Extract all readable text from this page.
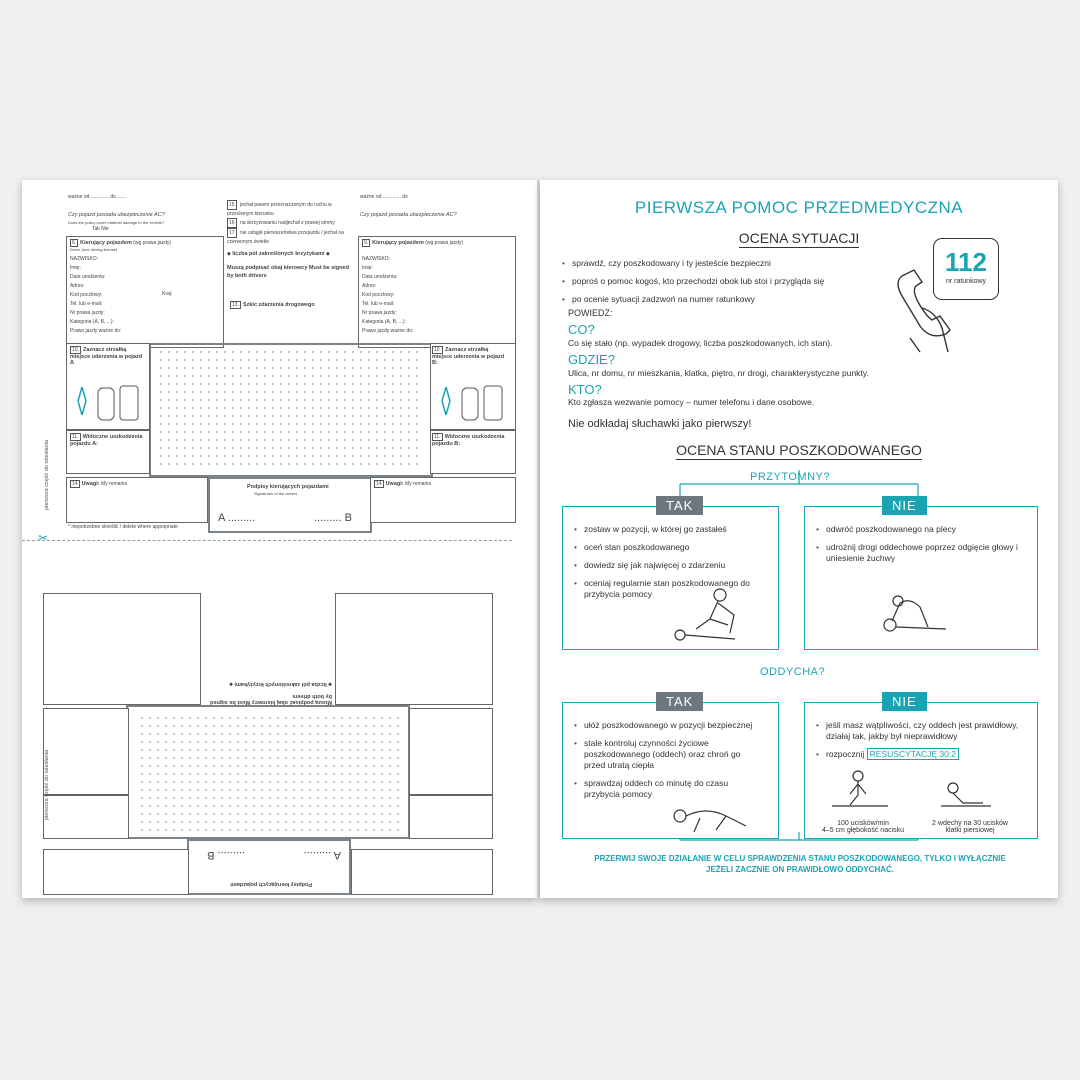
ważne od ............. do .......
Czy pojazd posiada ubezpieczenie AC?
Does the policy cover material damage to the vehicle?
Tak Nie
6. Kierujący pojazdem (wg prawa jazdy)
Driver (see driving license)
NAZWISKO:
Imię:
Data urodzenia:
Adres:
Kod pocztowy:
Tel. lub e-mail:
Nr prawa jazdy:
Kategoria (A, B, ...):
Prawo jazdy ważne do:
Kraj:
15 jechał pasem przeznaczonym do ruchu w przeciwnym kierunku
16 na skrzyżowaniu nadjechał z prawej strony
17 nie ustąpił pierwszeństwa przejazdu / jechał na czerwonym świetle
◆ liczba pól zakreślonych krzyżykami ◆
Muszą podpisać obaj kierowcy Must be signed by both drivers
13. Szkic zdarzenia drogowego
ważne od ............. do
Czy pojazd posiada ubezpieczenie AC?
9. Kierujący pojazdem (wg prawa jazdy)
NAZWISKO:
Imię:
Data urodzenia:
Adres:
Kod pocztowy:
Tel. lub e-mail:
Nr prawa jazdy:
Kategoria (A, B, ...):
Prawo jazdy ważne do:
10. Zaznacz strzałką miejsce uderzenia w pojazd A
10. Zaznacz strzałką miejsce uderzenia w pojazd B:
11. Widoczne uszkodzenia pojazdu A:
11. Widoczne uszkodzenia pojazdu B:
14 Uwagi: My remarks	Podpisy kierujących pojazdami
Signatures of the drivers
A .........	......... B
14 Uwagi: My remarks
* niepotrzebne skreślić / delete where appropriate
pierwsza część do odesłania
Podpisy kierujących pojazdami
A .........
......... B
Muszą podpisać obaj kierowcy Must be signed by both drivers
◆ liczba pól zakreślonych krzyżykami ◆
pierwsza część do odesłania
✂
PIERWSZA POMOC PRZEDMEDYCZNA
OCENA SYTUACJI
• sprawdź, czy poszkodowany i ty jesteście bezpieczni
• poproś o pomoc kogoś, kto przechodzi obok lub stoi i przygląda się
• po ocenie sytuacji zadzwoń na numer ratunkowy
112
nr ratunkowy
POWIEDZ:
CO?
Co się stało (np. wypadek drogowy, liczba poszkodowanych, ich stan).
GDZIE?
Ulica, nr domu, nr mieszkania, klatka, piętro, nr drogi, charakterystyczne punkty.
KTO?
Kto zgłasza wezwanie pomocy – numer telefonu i dane osobowe.
Nie odkładaj słuchawki jako pierwszy!
OCENA STANU POSZKODOWANEGO
PRZYTOMNY?
TAK
• zostaw w pozycji, w której go zastałeś
• oceń stan poszkodowanego
• dowiedz się jak najwięcej o zdarzeniu
• oceniaj regularnie stan poszkodowanego do przybycia pomocy
NIE
• odwróć poszkodowanego na plecy
• udrożnij drogi oddechowe poprzez odgięcie głowy i uniesienie żuchwy
ODDYCHA?
TAK
• ułóż poszkodowanego w pozycji bezpiecznej
• stale kontroluj czynności życiowe poszkodowanego (oddech) oraz chroń go przed utratą ciepła
• sprawdzaj oddech co minutę do czasu przybycia pomocy
NIE
• jeśli masz wątpliwości, czy oddech jest prawidłowy, działaj tak, jakby był nieprawidłowy
• rozpocznij RESUSCYTACJĘ 30:2
100 ucisków/min
4–5 cm głębokość nacisku
2 wdechy na 30 ucisków
klatki piersiowej
PRZERWIJ SWOJE DZIAŁANIE W CELU SPRAWDZENIA STANU POSZKODOWANEGO, TYLKO I WYŁĄCZNIE
JEŻELI ZACZNIE ON PRAWIDŁOWO ODDYCHAĆ.
